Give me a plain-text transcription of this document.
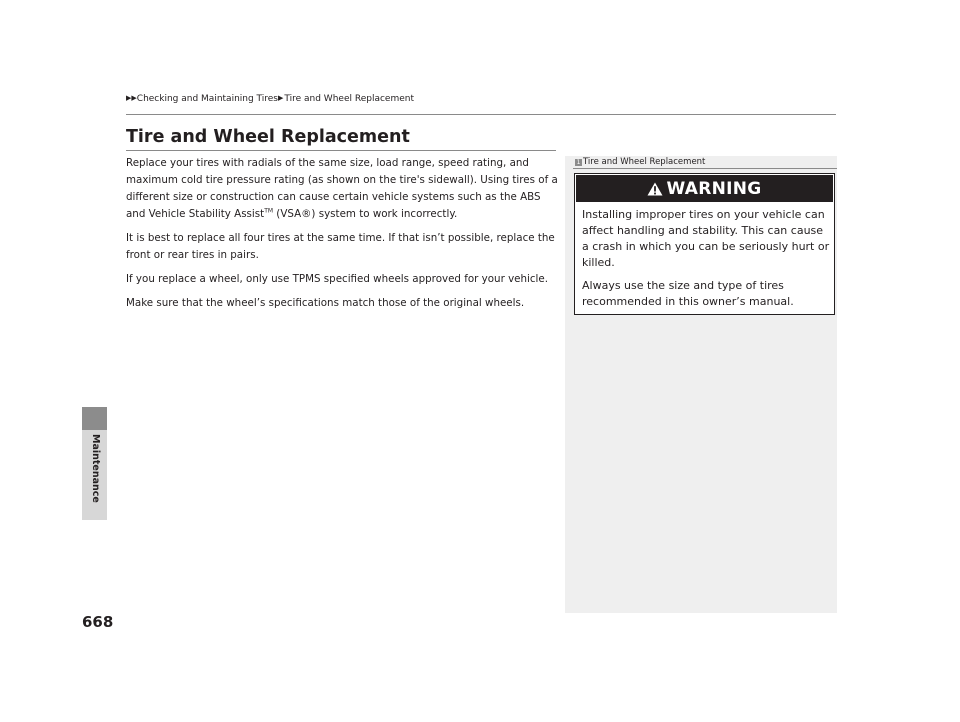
▶▶Checking and Maintaining Tires▶Tire and Wheel Replacement
Maintenance
668
Tire and Wheel Replacement

Replace your tires with radials of the same size, load range, speed rating, and maximum cold tire pressure rating (as shown on the tire's sidewall). Using tires of a different size or construction can cause certain vehicle systems such as the ABS and Vehicle Stability Assist™ (VSA®) system to work incorrectly.

It is best to replace all four tires at the same time. If that isn’t possible, replace the front or rear tires in pairs.

If you replace a wheel, only use TPMS specified wheels approved for your vehicle.

Make sure that the wheel’s specifications match those of the original wheels.

1 Tire and Wheel Replacement
WARNING

Installing improper tires on your vehicle can affect handling and stability. This can cause a crash in which you can be seriously hurt or killed.

Always use the size and type of tires recommended in this owner’s manual.
